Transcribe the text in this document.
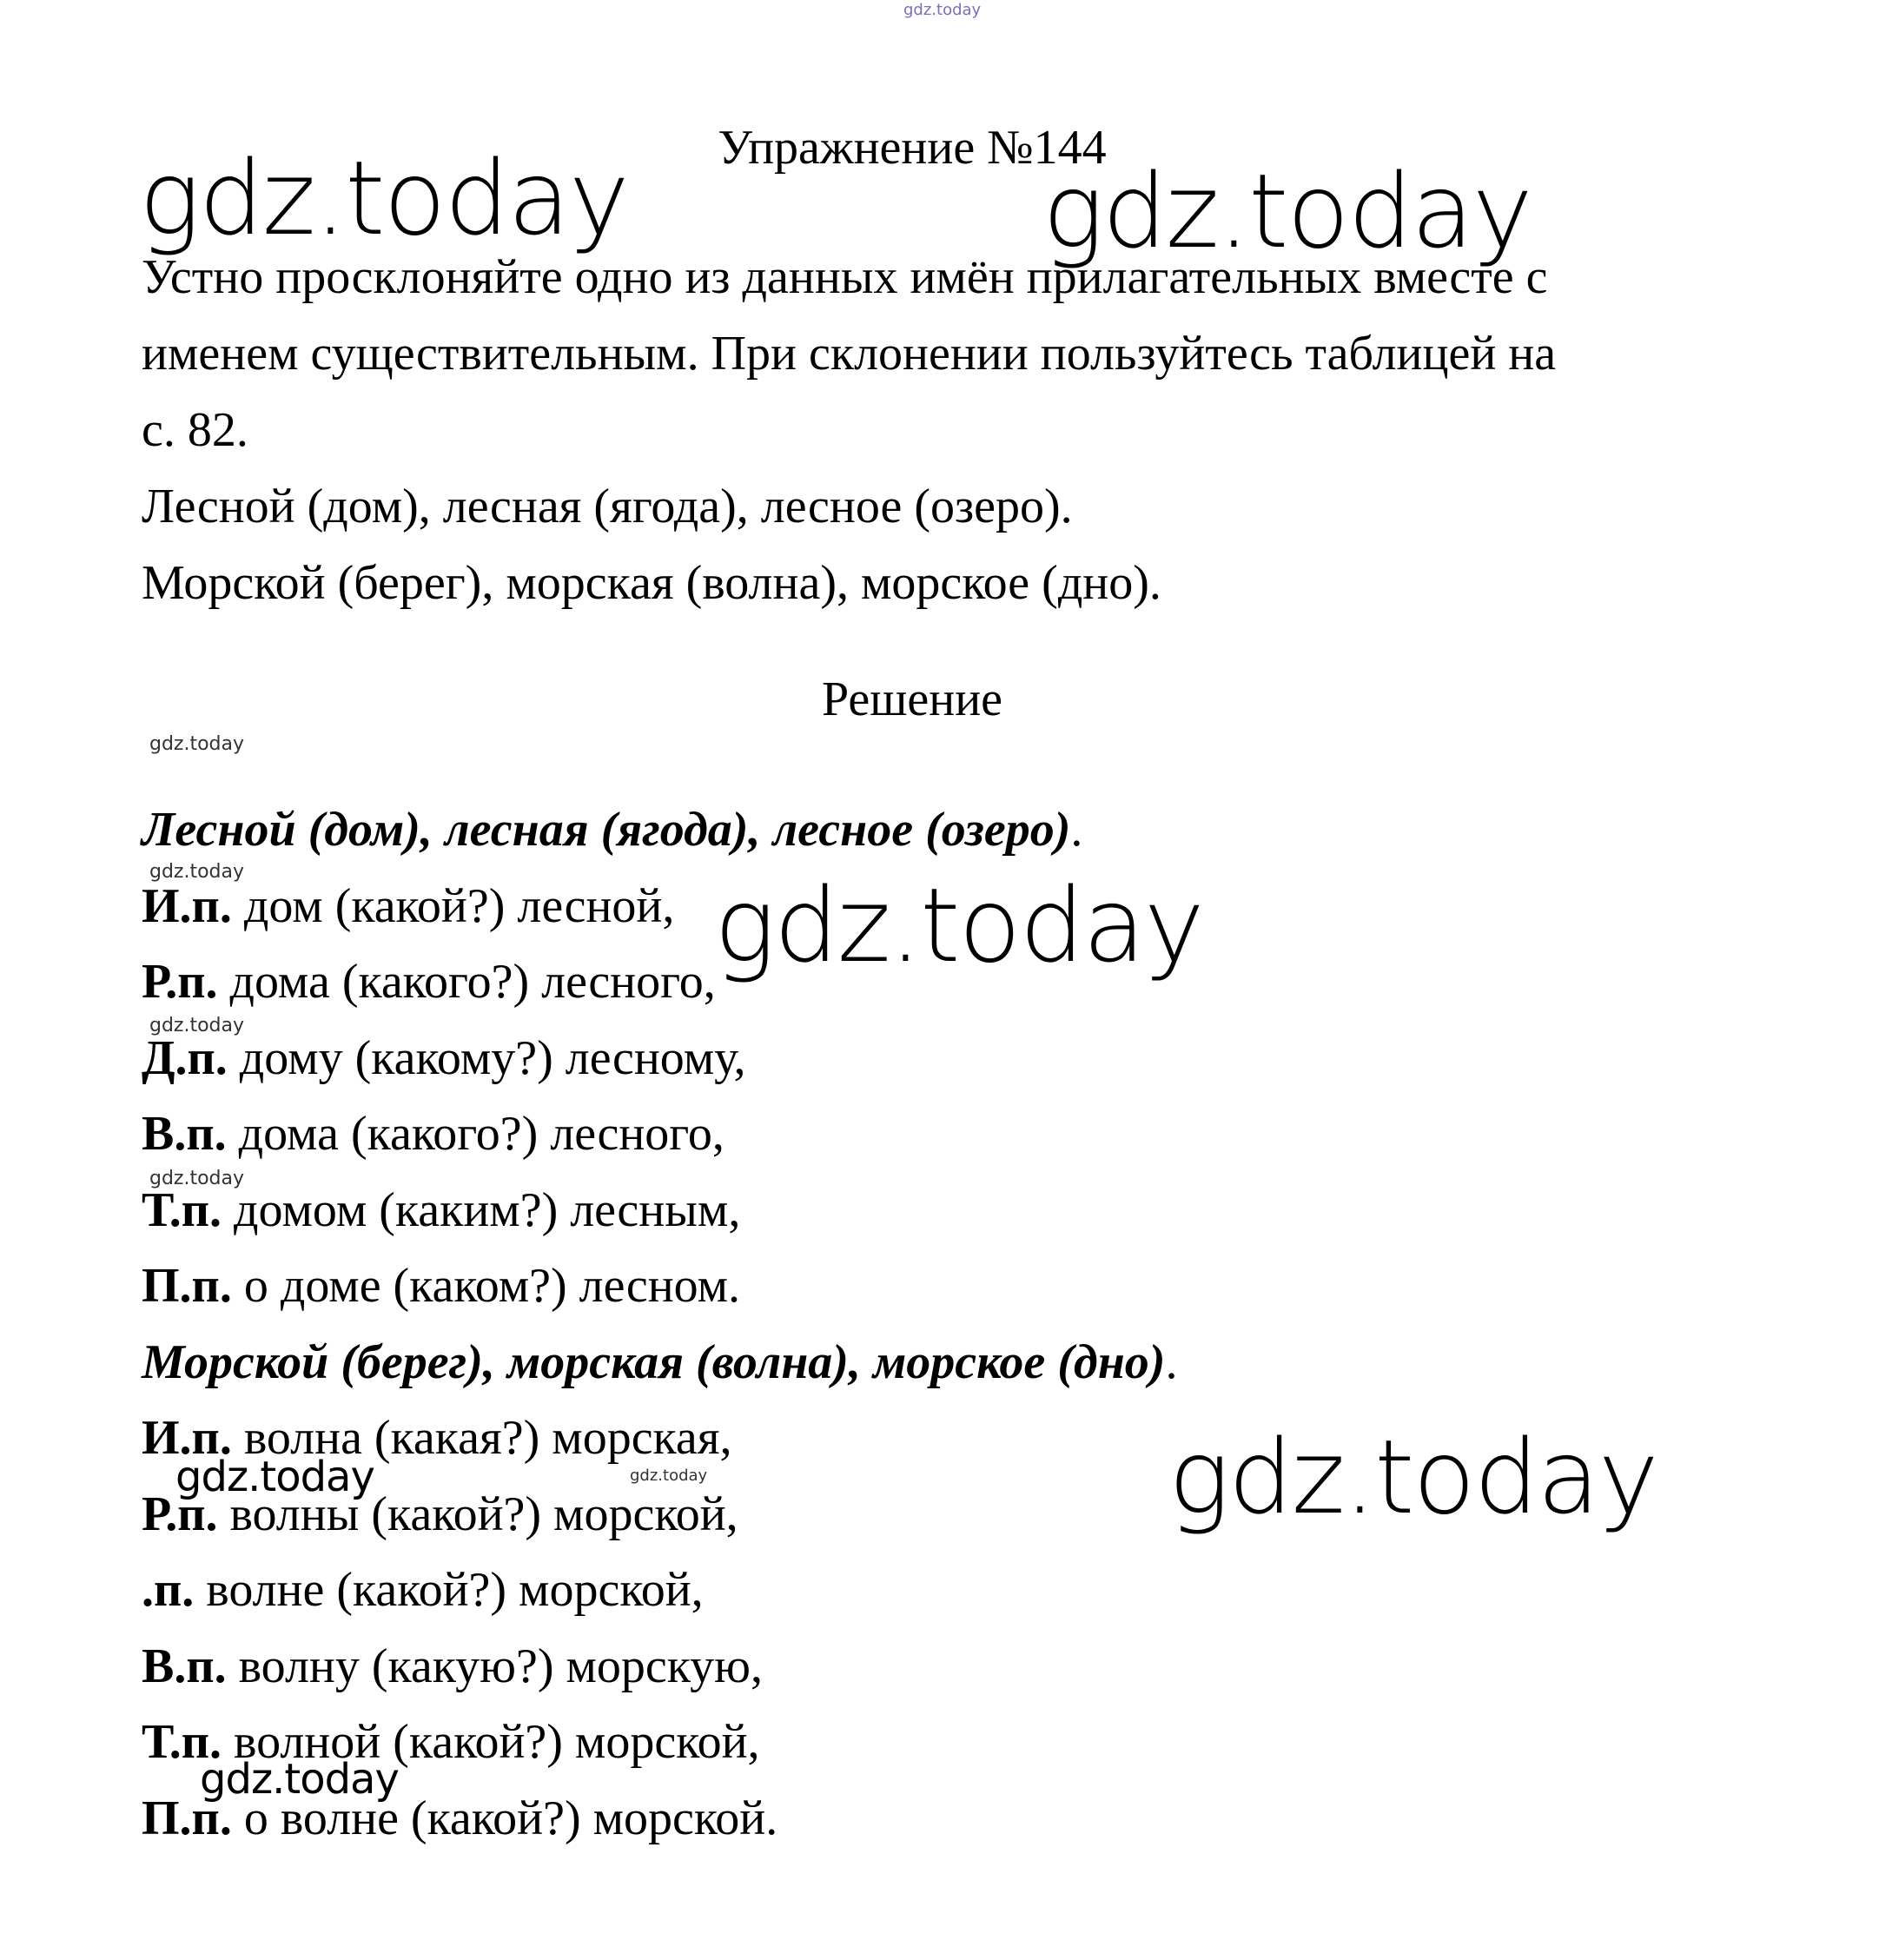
Упражнение №144

Устно просклоняйте одно из данных имён прилагательных вместе с

именем существительным. При склонении пользуйтесь таблицей на

с. 82.

Лесной (дом), лесная (ягода), лесное (озеро).

Морской (берег), морская (волна), морское (дно).

Решение

Лесной (дом), лесная (ягода), лесное (озеро).

И.п. дом (какой?) лесной,

Р.п. дома (какого?) лесного,

Д.п. дому (какому?) лесному,

В.п. дома (какого?) лесного,

Т.п. домом (каким?) лесным,

П.п. о доме (каком?) лесном.

Морской (берег), морская (волна), морское (дно).

И.п. волна (какая?) морская,

Р.п. волны (какой?) морской,

.п. волне (какой?) морской,

В.п. волну (какую?) морскую,

Т.п. волной (какой?) морской,

П.п. о волне (какой?) морской.

gdz.today
gdz.today	gdz.today
gdz.today
gdz.today	gdz.today
gdz.today
gdz.today
gdz.today	gdz.today	gdz.today
gdz.today
